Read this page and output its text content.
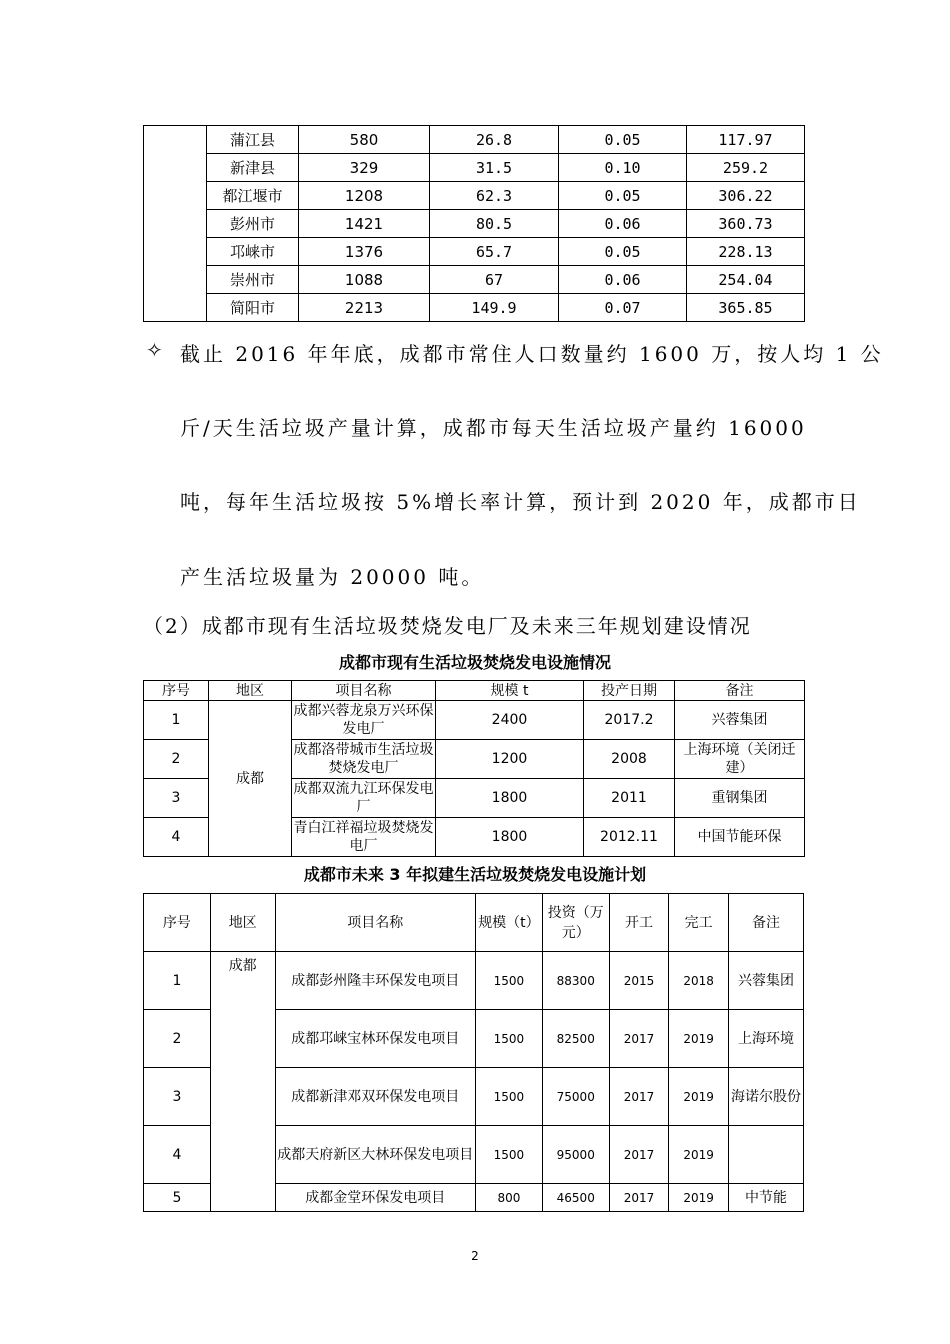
	蒲江县	580	26.8	0.05	117.97
	新津县	329	31.5	0.10	259.2
	都江堰市	1208	62.3	0.05	306.22
	彭州市	1421	80.5	0.06	360.73
	邛崃市	1376	65.7	0.05	228.13
	崇州市	1088	67	0.06	254.04
	简阳市	2213	149.9	0.07	365.85
✧ 截止 2016 年年底，成都市常住人口数量约 1600 万，按人均 1 公
斤/天生活垃圾产量计算，成都市每天生活垃圾产量约 16000
吨，每年生活垃圾按 5%增长率计算，预计到 2020 年，成都市日
产生活垃圾量为 20000 吨。
（2）成都市现有生活垃圾焚烧发电厂及未来三年规划建设情况
成都市现有生活垃圾焚烧发电设施情况
序号	地区	项目名称	规模 t	投产日期	备注
1	成都	成都兴蓉龙泉万兴环保发电厂	2400	2017.2	兴蓉集团
2		成都洛带城市生活垃圾焚烧发电厂	1200	2008	上海环境（关闭迁建）
3		成都双流九江环保发电厂	1800	2011	重钢集团
4		青白江祥福垃圾焚烧发电厂	1800	2012.11	中国节能环保
成都市未来 3 年拟建生活垃圾焚烧发电设施计划
序号	地区	项目名称	规模（t）	投资（万元）	开工	完工	备注
1	成都	成都彭州隆丰环保发电项目	1500	88300	2015	2018	兴蓉集团
2		成都邛崃宝林环保发电项目	1500	82500	2017	2019	上海环境
3		成都新津邓双环保发电项目	1500	75000	2017	2019	海诺尔股份
4		成都天府新区大林环保发电项目	1500	95000	2017	2019	
5		成都金堂环保发电项目	800	46500	2017	2019	中节能
2
